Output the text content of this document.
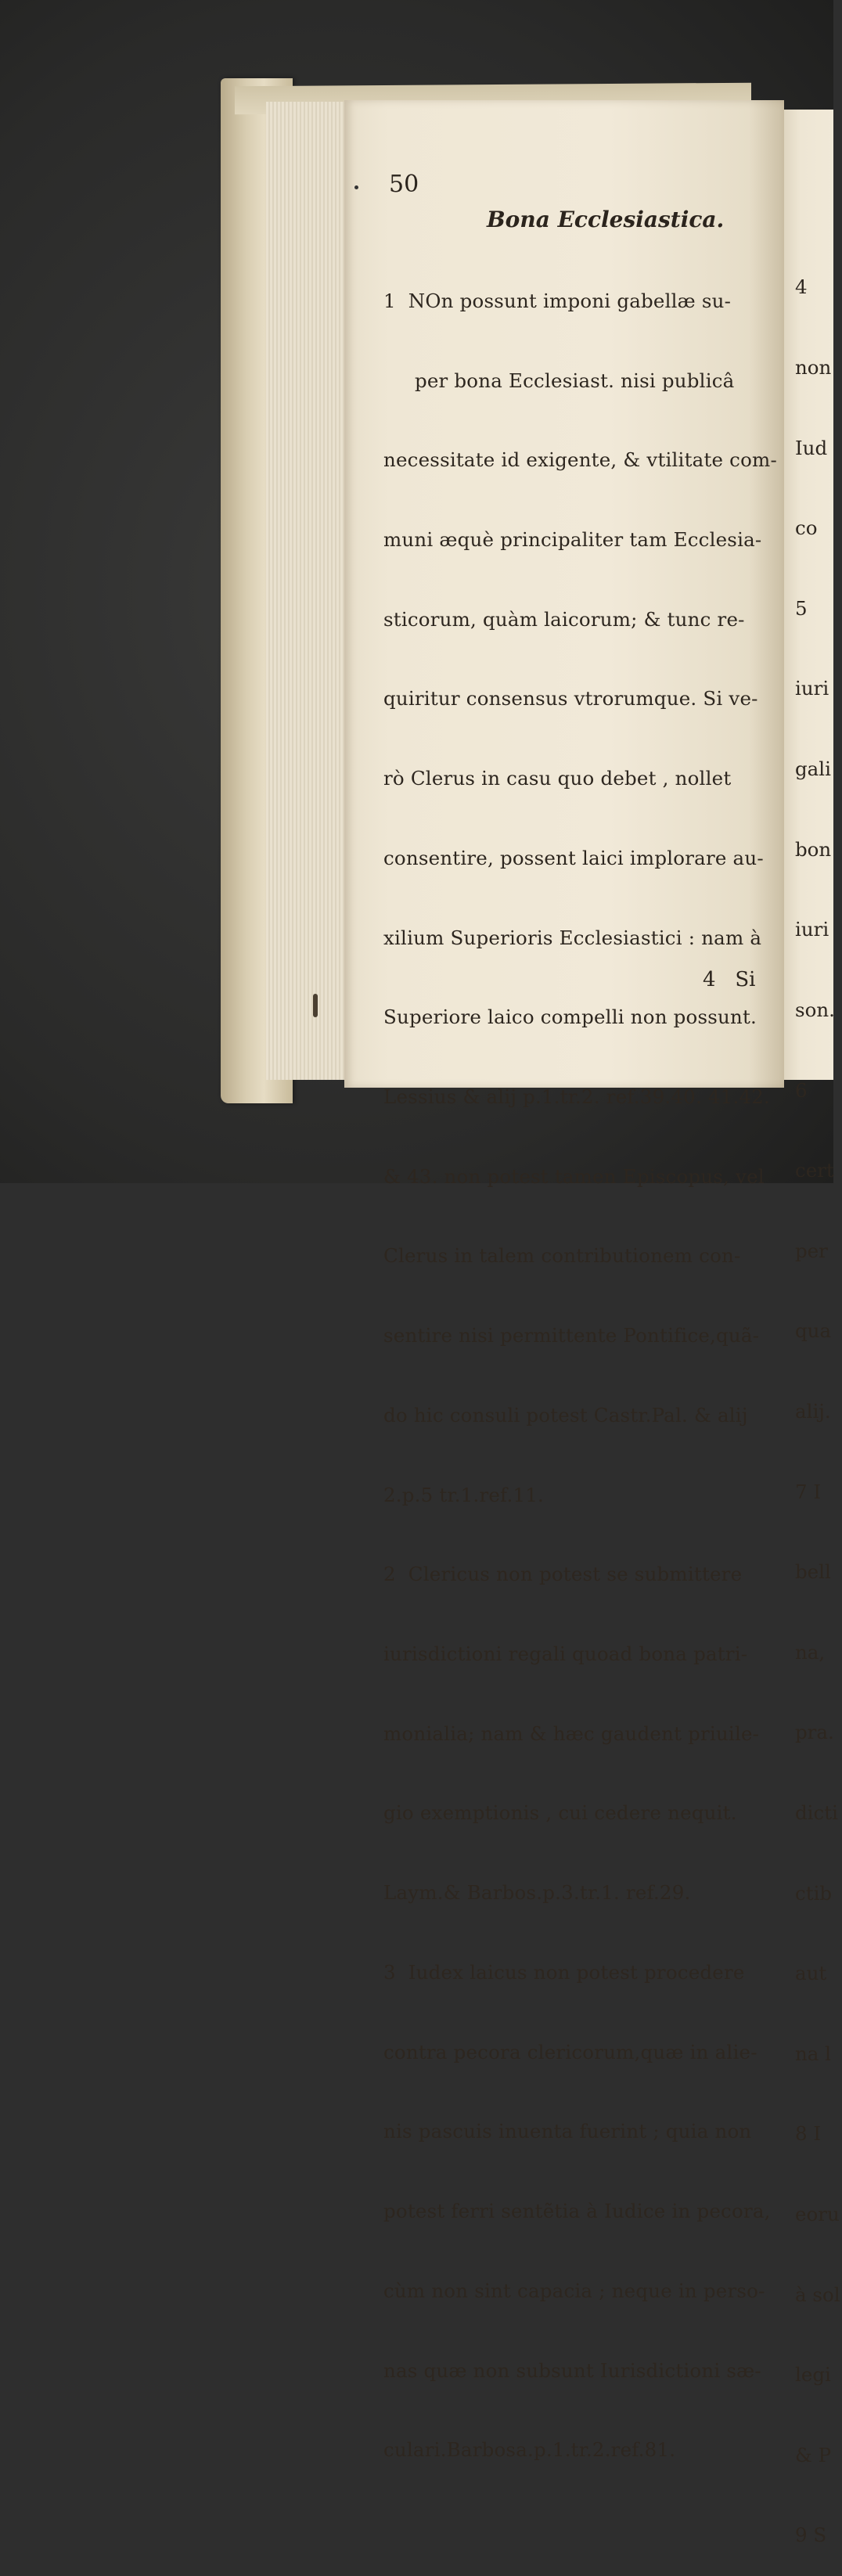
50
Bona Ecclesiastica.

1  NOn possunt imponi gabellæ su-

per bona Ecclesiast. nisi publicâ

necessitate id exigente, & vtilitate com-

muni æquè principaliter tam Ecclesia-

sticorum, quàm laicorum; & tunc re-

quiritur consensus vtrorumque. Si ve-

rò Clerus in casu quo debet , nollet

consentire, possent laici implorare au-

xilium Superioris Ecclesiastici : nam à

Superiore laico compelli non possunt.

Lessius & alij p.1.tr.2. ref.39.40. 41.42.

& 43. non potest tamen Episcopus, vel

Clerus in talem contributionem con-

sentire nisi permittente Pontifice,quã-

do hic consuli potest Castr.Pal. & alij

2.p.5 tr.1.ref.11.

2  Clericus non potest se submittere

iurisdictioni regali quoad bona patri-

monialia; nam & hæc gaudent priuile-

gio exemptionis , cui cedere nequit.

Laym.& Barbos.p.3.tr.1. ref.29.

3  Iudex laicus non potest procedere

contra pecora clericorum,quæ in alie-

nis pascuis inuenta fuerint ; quia non

potest ferri sentẽtia à Iudice in pecora,

cùm non sint capacia ; neque in perso-

nas quæ non subsunt Iurisdictioni sæ-

culari.Barbosa.p.1.tr.2.ref.81.

4   Si

4

non

Iud

co

5

iuri

gali

bon

iuri

son.

6

cert

per

qua

alij.

7 I

bell

na,

pra.

dicti

ctib

aut

na l

8 I

eoru

à sol

legi

& P

9 S
